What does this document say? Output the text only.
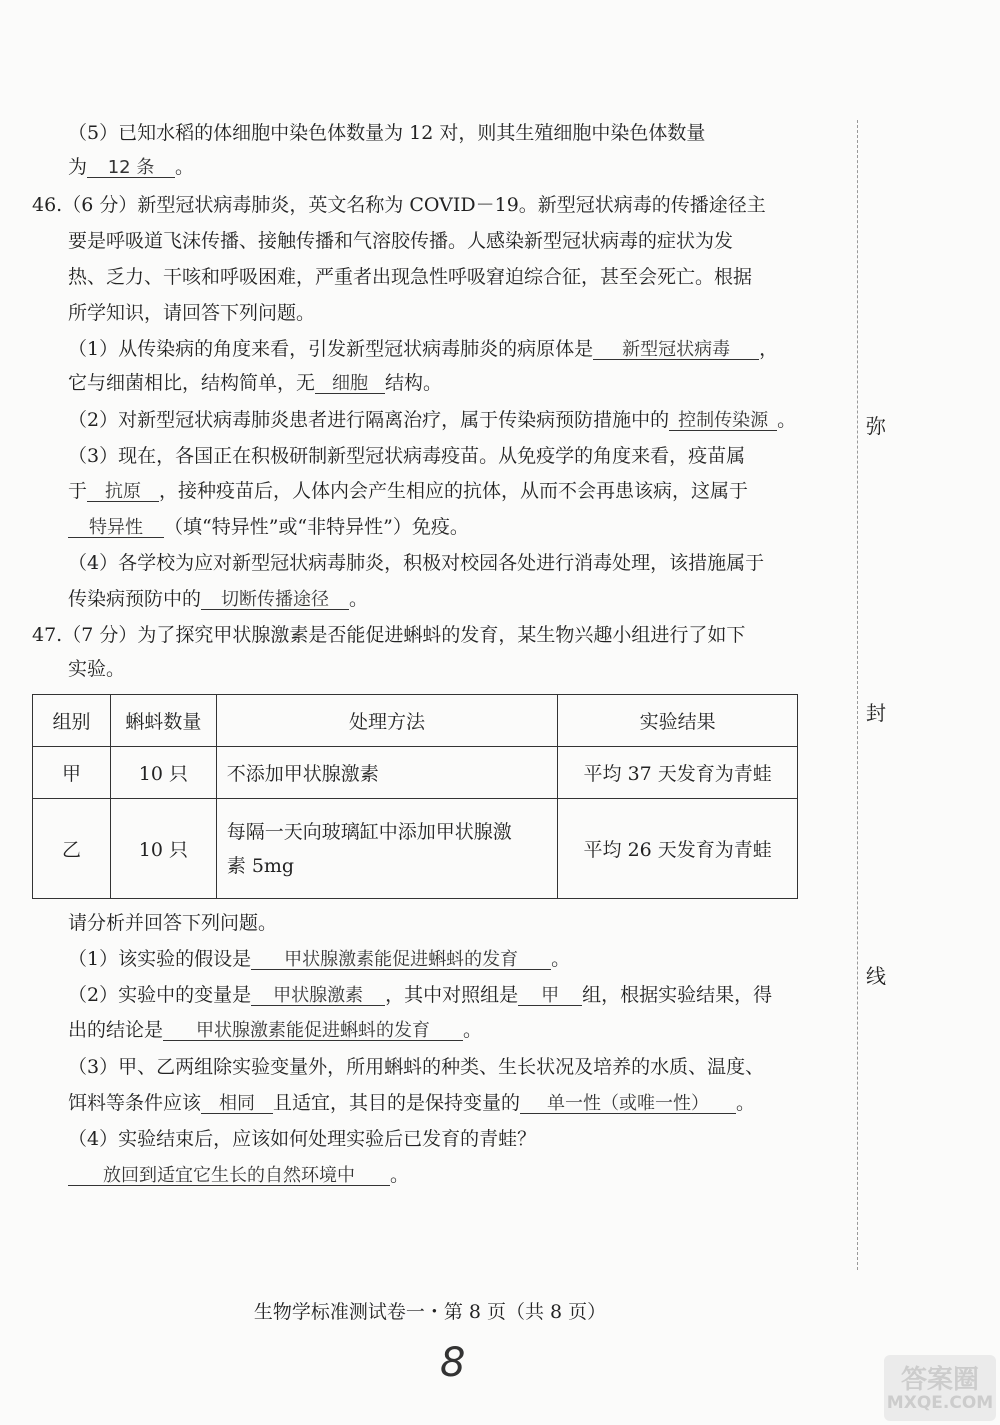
（5）已知水稻的体细胞中染色体数量为 12 对，则其生殖细胞中染色体数量
为 12 条 。
46.（6 分）新型冠状病毒肺炎，英文名称为 COVID－19。新型冠状病毒的传播途径主
要是呼吸道飞沫传播、接触传播和气溶胶传播。人感染新型冠状病毒的症状为发
热、乏力、干咳和呼吸困难，严重者出现急性呼吸窘迫综合征，甚至会死亡。根据
所学知识，请回答下列问题。
（1）从传染病的角度来看，引发新型冠状病毒肺炎的病原体是 新型冠状病毒 ，
它与细菌相比，结构简单，无 细胞 结构。
（2）对新型冠状病毒肺炎患者进行隔离治疗，属于传染病预防措施中的 控制传染源 。
（3）现在，各国正在积极研制新型冠状病毒疫苗。从免疫学的角度来看，疫苗属
于 抗原 ，接种疫苗后，人体内会产生相应的抗体，从而不会再患该病，这属于
特异性 （填“特异性”或“非特异性”）免疫。
（4）各学校为应对新型冠状病毒肺炎，积极对校园各处进行消毒处理，该措施属于
传染病预防中的 切断传播途径 。
47.（7 分）为了探究甲状腺激素是否能促进蝌蚪的发育，某生物兴趣小组进行了如下
实验。
组别	蝌蚪数量	处理方法	实验结果
甲	10 只	不添加甲状腺激素	平均 37 天发育为青蛙
乙	10 只	每隔一天向玻璃缸中添加甲状腺激
素 5mg	平均 26 天发育为青蛙
请分析并回答下列问题。
（1）该实验的假设是 甲状腺激素能促进蝌蚪的发育 。
（2）实验中的变量是 甲状腺激素 ，其中对照组是 甲 组，根据实验结果，得
出的结论是 甲状腺激素能促进蝌蚪的发育 。
（3）甲、乙两组除实验变量外，所用蝌蚪的种类、生长状况及培养的水质、温度、
饵料等条件应该 相同 且适宜，其目的是保持变量的 单一性（或唯一性） 。
（4）实验结束后，应该如何处理实验后已发育的青蛙？
放回到适宜它生长的自然环境中 。
弥
封
线
生物学标准测试卷一・第 8 页（共 8 页）
8	答案圈
MXQE.COM
